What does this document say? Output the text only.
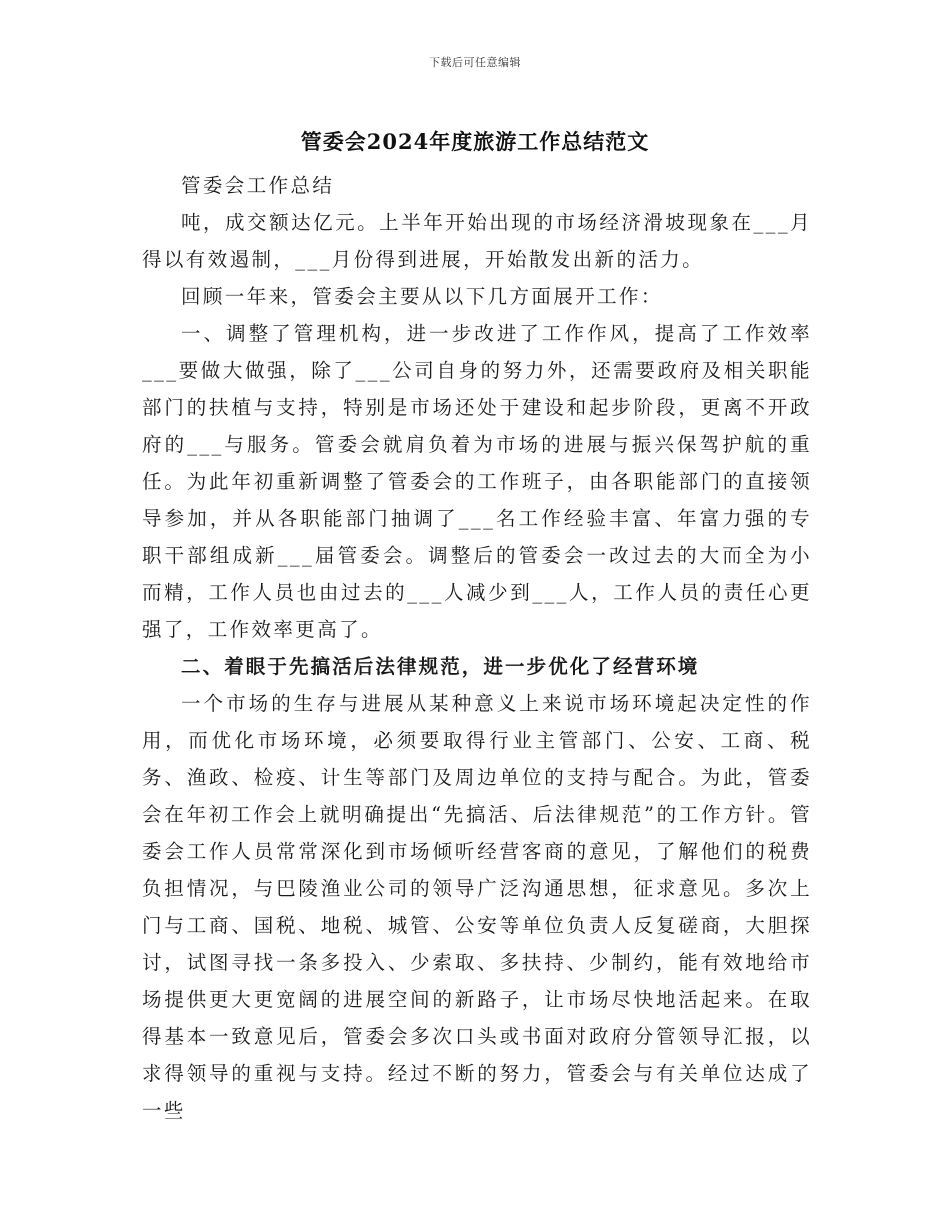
下载后可任意编辑
管委会2024年度旅游工作总结范文

管委会工作总结

吨，成交额达亿元。上半年开始出现的市场经济滑坡现象在___月得以有效遏制，___月份得到进展，开始散发出新的活力。

回顾一年来，管委会主要从以下几方面展开工作：

一、调整了管理机构，进一步改进了工作作风，提高了工作效率___要做大做强，除了___公司自身的努力外，还需要政府及相关职能部门的扶植与支持，特别是市场还处于建设和起步阶段，更离不开政府的___与服务。管委会就肩负着为市场的进展与振兴保驾护航的重任。为此年初重新调整了管委会的工作班子，由各职能部门的直接领导参加，并从各职能部门抽调了___名工作经验丰富、年富力强的专职干部组成新___届管委会。调整后的管委会一改过去的大而全为小而精，工作人员也由过去的___人减少到___人，工作人员的责任心更强了，工作效率更高了。

二、着眼于先搞活后法律规范，进一步优化了经营环境

一个市场的生存与进展从某种意义上来说市场环境起决定性的作用，而优化市场环境，必须要取得行业主管部门、公安、工商、税务、渔政、检疫、计生等部门及周边单位的支持与配合。为此，管委会在年初工作会上就明确提出“先搞活、后法律规范”的工作方针。管委会工作人员常常深化到市场倾听经营客商的意见，了解他们的税费负担情况，与巴陵渔业公司的领导广泛沟通思想，征求意见。多次上门与工商、国税、地税、城管、公安等单位负责人反复磋商，大胆探讨，试图寻找一条多投入、少索取、多扶持、少制约，能有效地给市场提供更大更宽阔的进展空间的新路子，让市场尽快地活起来。在取得基本一致意见后，管委会多次口头或书面对政府分管领导汇报，以求得领导的重视与支持。经过不断的努力，管委会与有关单位达成了一些
